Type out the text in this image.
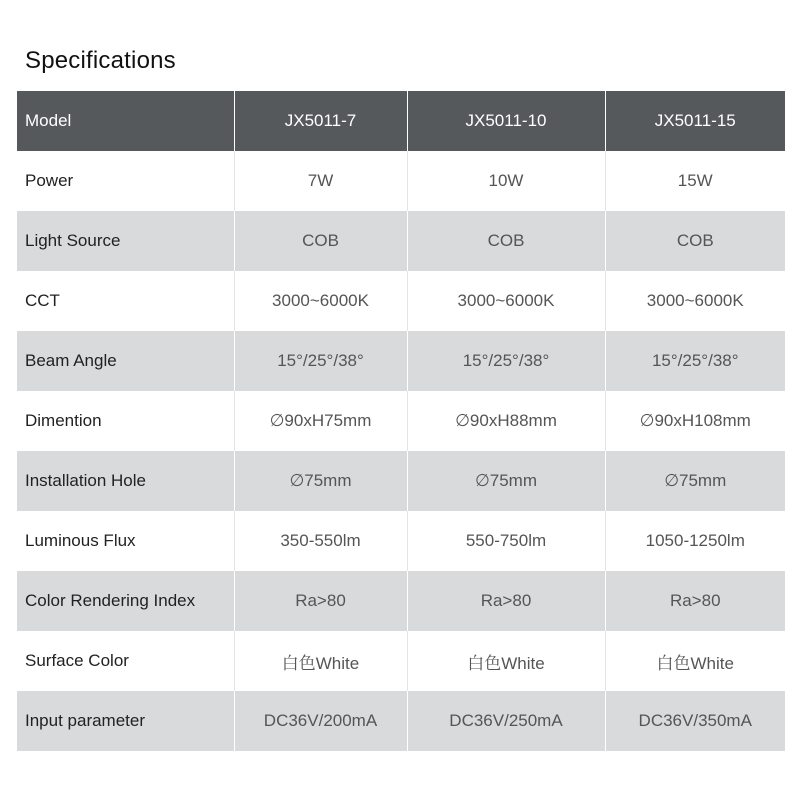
Specifications
Model	JX5011-7	JX5011-10	JX5011-15
Power	7W	10W	15W
Light Source	COB	COB	COB
CCT	3000~6000K	3000~6000K	3000~6000K
Beam Angle	15°/25°/38°	15°/25°/38°	15°/25°/38°
Dimention	∅90xH75mm	∅90xH88mm	∅90xH108mm
Installation Hole	∅75mm	∅75mm	∅75mm
Luminous Flux	350-550lm	550-750lm	1050-1250lm
Color Rendering Index	Ra>80	Ra>80	Ra>80
Surface Color	白色White	白色White	白色White
Input parameter	DC36V/200mA	DC36V/250mA	DC36V/350mA
